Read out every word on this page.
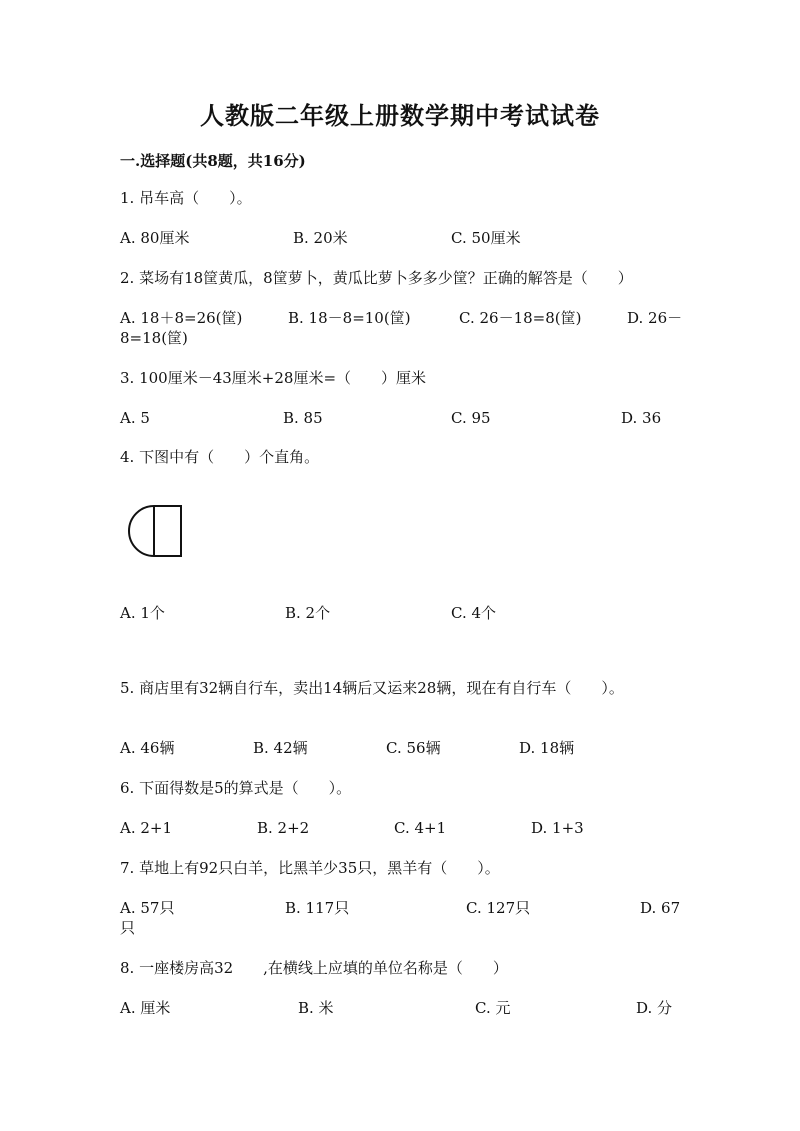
人教版二年级上册数学期中考试试卷
一.选择题(共8题，共16分)
1. 吊车高（　　）。
A. 80厘米	B. 20米	C. 50厘米
2. 菜场有18筐黄瓜，8筐萝卜，黄瓜比萝卜多多少筐？正确的解答是（　　）
A. 18＋8=26(筐)	B. 18－8=10(筐)	C. 26－18=8(筐)	D. 26－
8=18(筐)
3. 100厘米－43厘米+28厘米=（　　）厘米
A. 5	B. 85	C. 95	D. 36
4. 下图中有（　　）个直角。
A. 1个	B. 2个	C. 4个
5. 商店里有32辆自行车，卖出14辆后又运来28辆，现在有自行车（　　）。
A. 46辆	B. 42辆	C. 56辆	D. 18辆
6. 下面得数是5的算式是（　　）。
A. 2+1	B. 2+2	C. 4+1	D. 1+3
7. 草地上有92只白羊，比黑羊少35只，黑羊有（　　）。
A. 57只	B. 117只	C. 127只	D. 67
只
8. 一座楼房高32　　,在横线上应填的单位名称是（　　）
A. 厘米	B. 米	C. 元	D. 分
